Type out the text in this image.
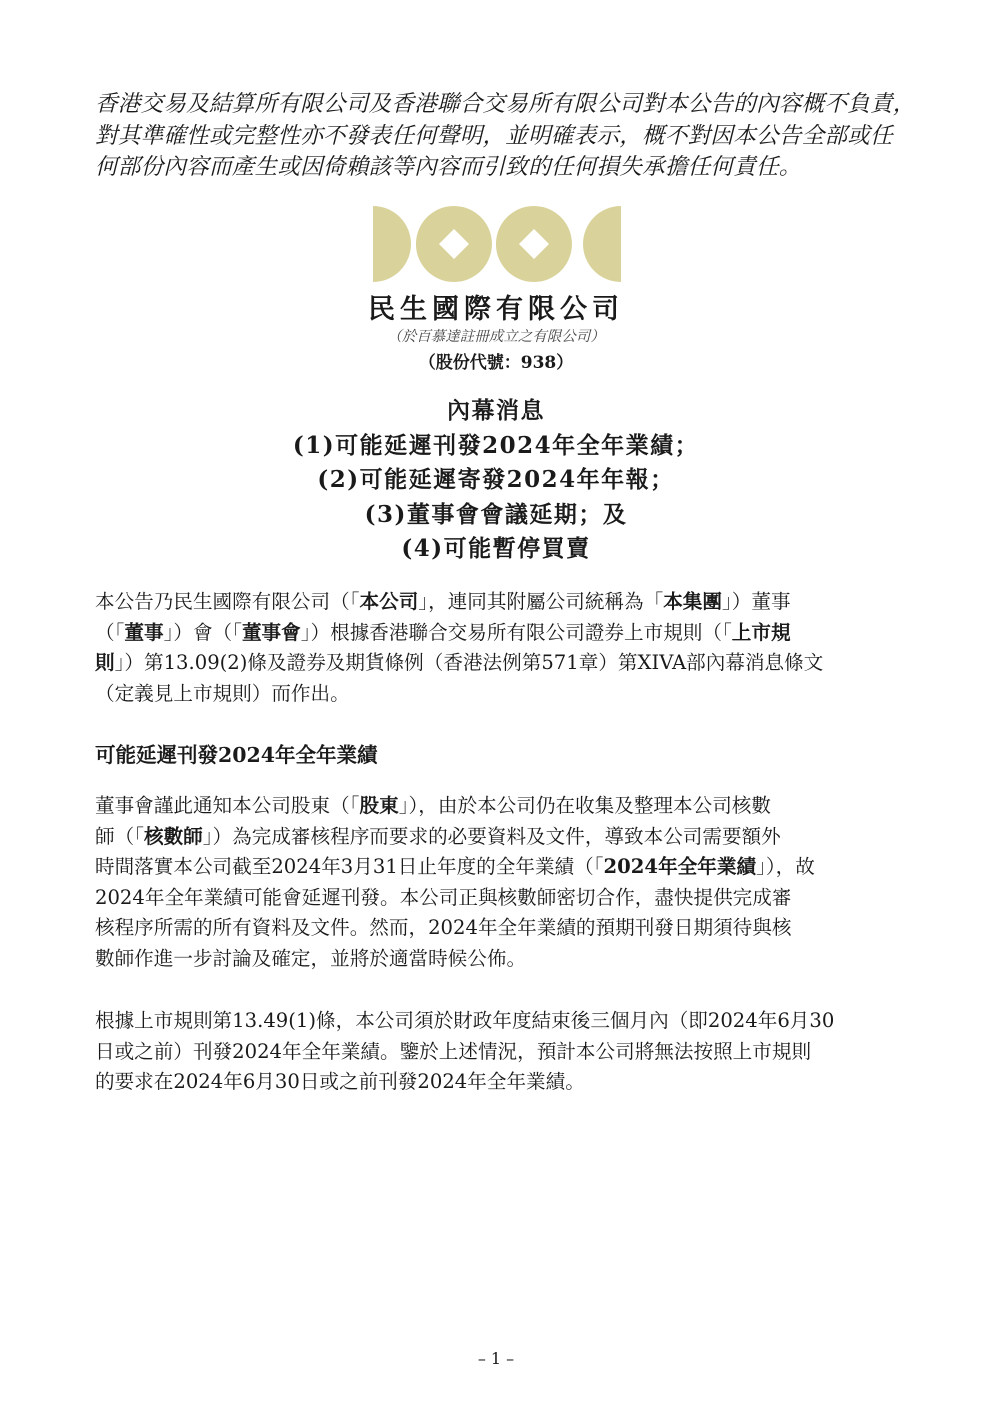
香港交易及結算所有限公司及香港聯合交易所有限公司對本公告的內容概不負責，

對其準確性或完整性亦不發表任何聲明，並明確表示，概不對因本公告全部或任

何部份內容而產生或因倚賴該等內容而引致的任何損失承擔任何責任。

民生國際有限公司
（於百慕達註冊成立之有限公司）
（股份代號：938）

內幕消息

(1)可能延遲刊發2024年全年業績；

(2)可能延遲寄發2024年年報；

(3)董事會會議延期；及

(4)可能暫停買賣

本公告乃民生國際有限公司（「本公司」，連同其附屬公司統稱為「本集團」）董事

（「董事」）會（「董事會」）根據香港聯合交易所有限公司證券上市規則（「上市規

則」）第13.09(2)條及證券及期貨條例（香港法例第571章）第XIVA部內幕消息條文

（定義見上市規則）而作出。

可能延遲刊發2024年全年業績

董事會謹此通知本公司股東（「股東」），由於本公司仍在收集及整理本公司核數

師（「核數師」）為完成審核程序而要求的必要資料及文件，導致本公司需要額外

時間落實本公司截至2024年3月31日止年度的全年業績（「2024年全年業績」），故

2024年全年業績可能會延遲刊發。本公司正與核數師密切合作，盡快提供完成審

核程序所需的所有資料及文件。然而，2024年全年業績的預期刊發日期須待與核

數師作進一步討論及確定，並將於適當時候公佈。

根據上市規則第13.49(1)條，本公司須於財政年度結束後三個月內（即2024年6月30

日或之前）刊發2024年全年業績。鑒於上述情況，預計本公司將無法按照上市規則

的要求在2024年6月30日或之前刊發2024年全年業績。

– 1 –
